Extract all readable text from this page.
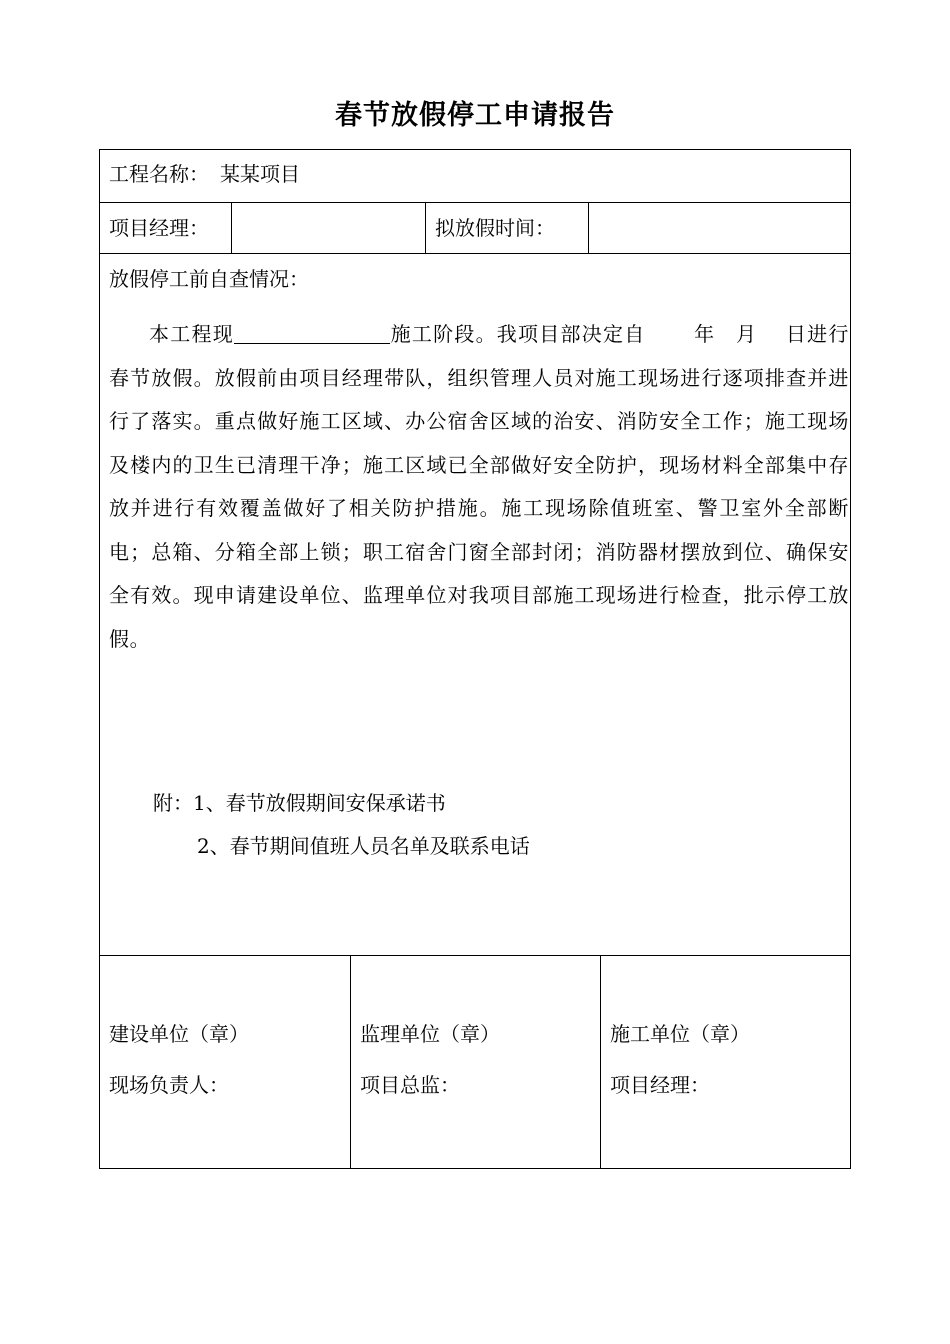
春节放假停工申请报告
工程名称： 某某项目
项目经理：	拟放假时间：
放假停工前自查情况：
本工程现	施工阶段。我项目部决定自 年 月 日进行春节放假。放假前由项目经理带队，组织管理人员对施工现场进行逐项排查并进行了落实。重点做好施工区域、办公宿舍区域的治安、消防安全工作；施工现场及楼内的卫生已清理干净；施工区域已全部做好安全防护，现场材料全部集中存放并进行有效覆盖做好了相关防护措施。施工现场除值班室、警卫室外全部断电；总箱、分箱全部上锁；职工宿舍门窗全部封闭；消防器材摆放到位、确保安全有效。现申请建设单位、监理单位对我项目部施工现场进行检查，批示停工放假。
附：1、春节放假期间安保承诺书
2、春节期间值班人员名单及联系电话
建设单位（章）
现场负责人：
监理单位（章）
项目总监：
施工单位（章）
项目经理：
